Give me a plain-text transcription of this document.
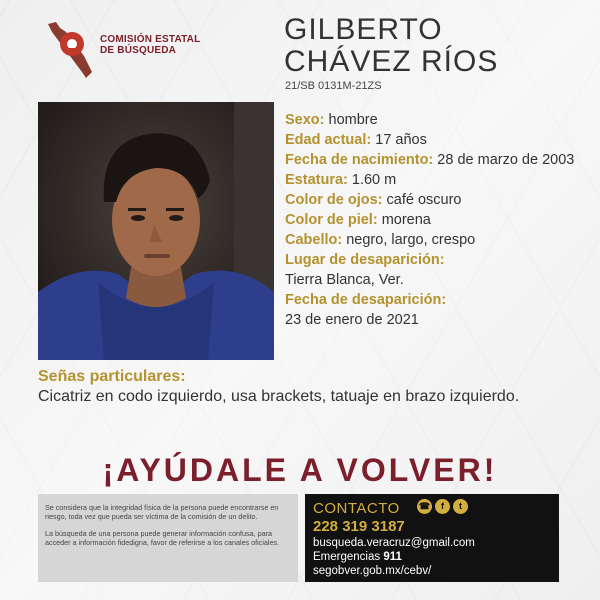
COMISIÓN ESTATAL
DE BÚSQUEDA
GILBERTO
CHÁVEZ RÍOS
21/SB 0131M-21ZS
Sexo: hombre
Edad actual: 17 años
Fecha de nacimiento: 28 de marzo de 2003
Estatura: 1.60 m
Color de ojos: café oscuro
Color de piel: morena
Cabello: negro, largo, crespo
Lugar de desaparición:
Tierra Blanca, Ver.
Fecha de desaparición:
23 de enero de 2021
Señas particulares:
Cicatriz en codo izquierdo, usa brackets, tatuaje en brazo izquierdo.
¡AYÚDALE A VOLVER!

Se considera que la integridad física de la persona puede encontrarse en riesgo, toda vez que pueda ser víctima de la comisión de un delito.

La búsqueda de una persona puede generar información confusa, para acceder a información fidedigna, favor de referirse a los canales oficiales.

CONTACTO ☎	f	t
228 319 3187
busqueda.veracruz@gmail.com
Emergencias 911
segobver.gob.mx/cebv/
